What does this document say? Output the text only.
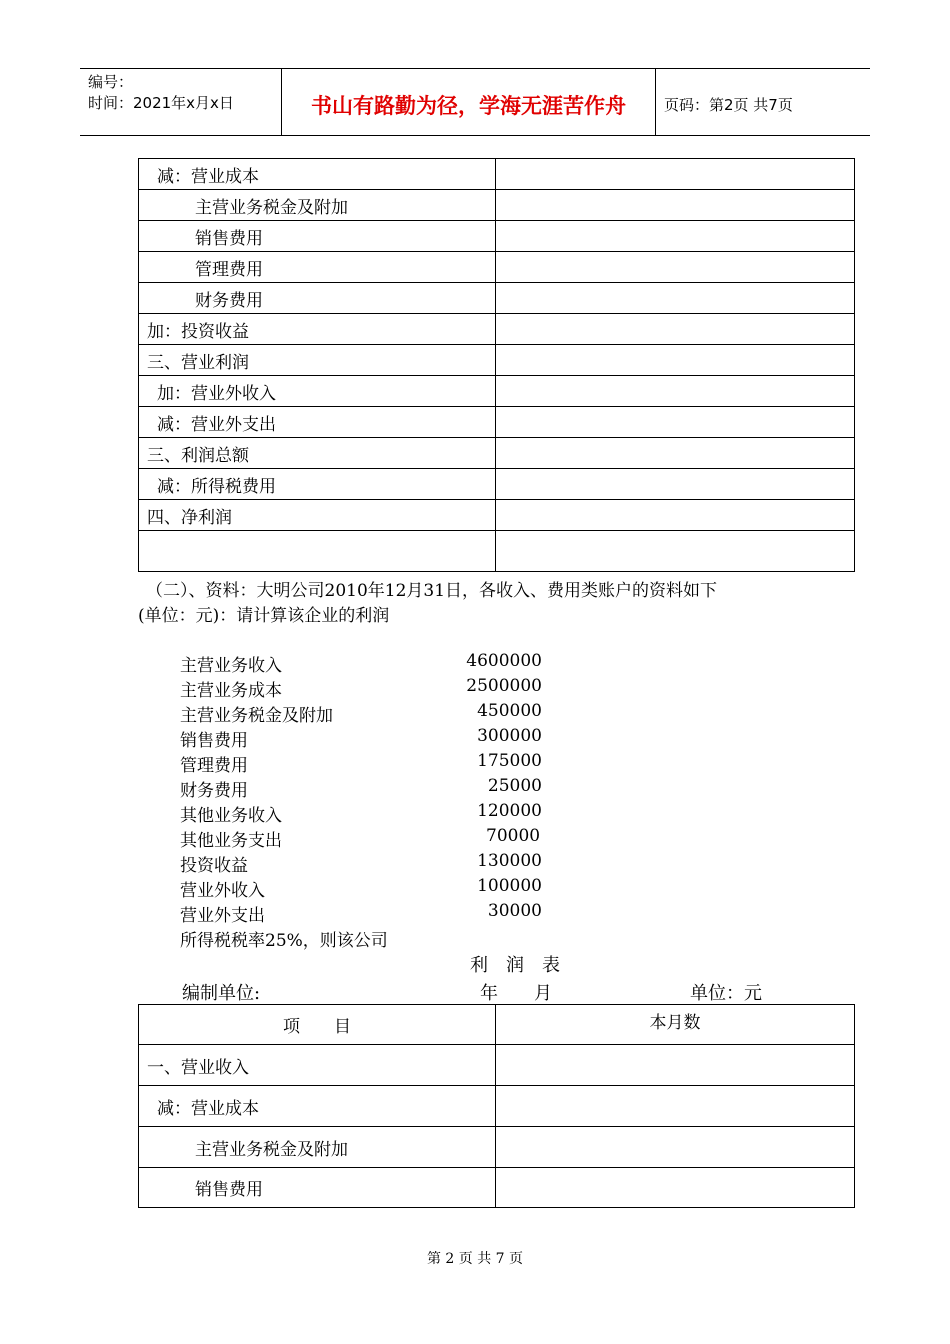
编号：
时间：2021年x月x日	书山有路勤为径，学海无涯苦作舟	页码：第2页 共7页
减：营业成本	
主营业务税金及附加	
销售费用	
管理费用	
财务费用	
加：投资收益	
三、营业利润	
加：营业外收入	
减：营业外支出	
三、利润总额	
减：所得税费用	
四、净利润	

（二）、资料：大明公司2010年12月31日，各收入、费用类账户的资料如下
(单位：元)：请计算该企业的利润
主营业务收入	4600000
主营业务成本	2500000
主营业务税金及附加	450000
销售费用	300000
管理费用	175000
财务费用	25000
其他业务收入	120000
其他业务支出	70000
投资收益	130000
营业外收入	100000
营业外支出	30000
所得税税率25%，则该公司
利　润　表
编制单位:	年　　月	单位：元
项　　目	本月数
一、营业收入	
减：营业成本	
主营业务税金及附加	
销售费用	
第 2 页 共 7 页
